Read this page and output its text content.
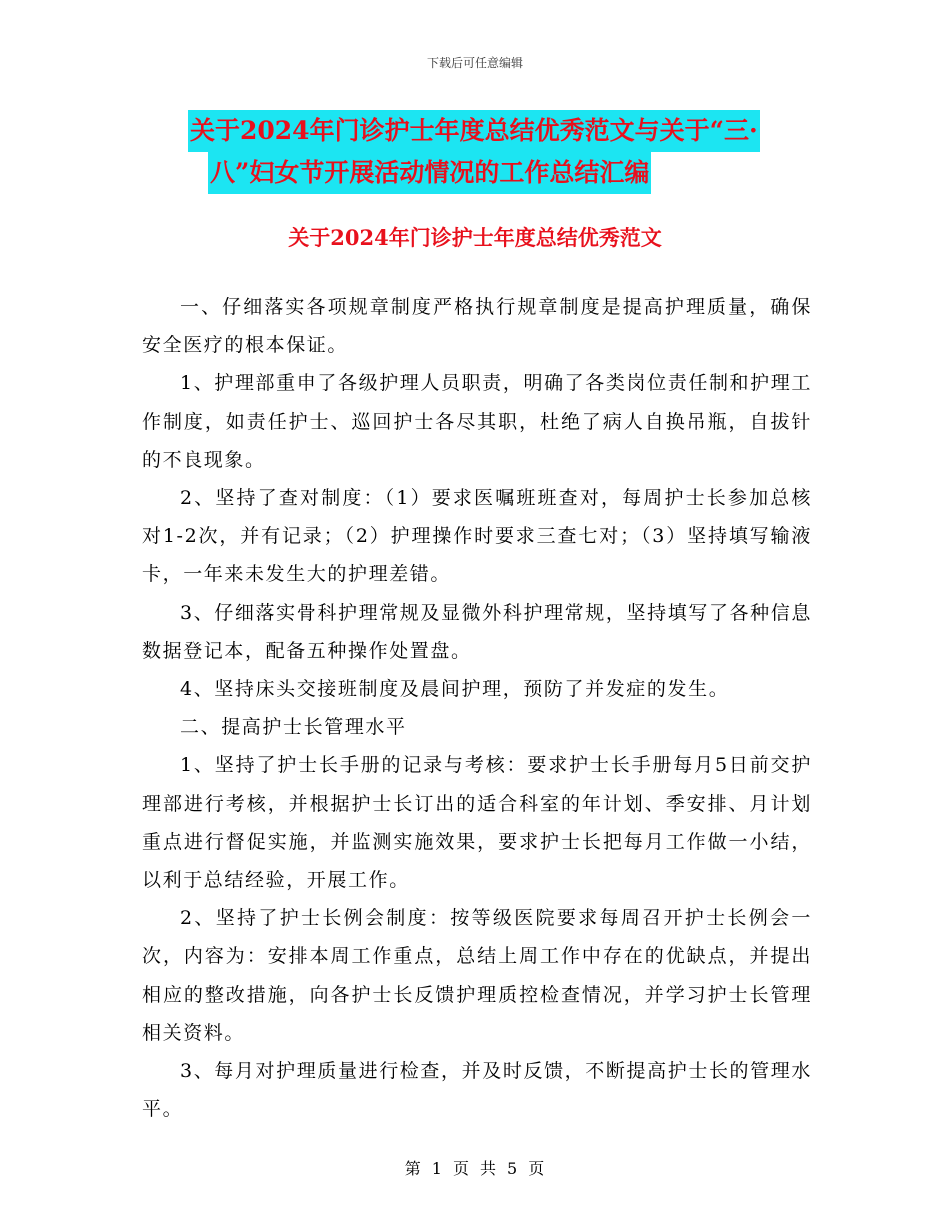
下载后可任意编辑
关于2024年门诊护士年度总结优秀范文与关于“三·
八”妇女节开展活动情况的工作总结汇编
关于2024年门诊护士年度总结优秀范文

一、仔细落实各项规章制度严格执行规章制度是提高护理质量，确保安全医疗的根本保证。

1、护理部重申了各级护理人员职责，明确了各类岗位责任制和护理工作制度，如责任护士、巡回护士各尽其职，杜绝了病人自换吊瓶，自拔针的不良现象。

2、坚持了查对制度：（1）要求医嘱班班查对，每周护士长参加总核对1-2次，并有记录；（2）护理操作时要求三查七对；（3）坚持填写输液卡，一年来未发生大的护理差错。

3、仔细落实骨科护理常规及显微外科护理常规，坚持填写了各种信息数据登记本，配备五种操作处置盘。

4、坚持床头交接班制度及晨间护理，预防了并发症的发生。

二、提高护士长管理水平

1、坚持了护士长手册的记录与考核：要求护士长手册每月5日前交护理部进行考核，并根据护士长订出的适合科室的年计划、季安排、月计划重点进行督促实施，并监测实施效果，要求护士长把每月工作做一小结，以利于总结经验，开展工作。

2、坚持了护士长例会制度：按等级医院要求每周召开护士长例会一次，内容为：安排本周工作重点，总结上周工作中存在的优缺点，并提出相应的整改措施，向各护士长反馈护理质控检查情况，并学习护士长管理相关资料。

3、每月对护理质量进行检查，并及时反馈，不断提高护士长的管理水平。

第 1 页 共 5 页
